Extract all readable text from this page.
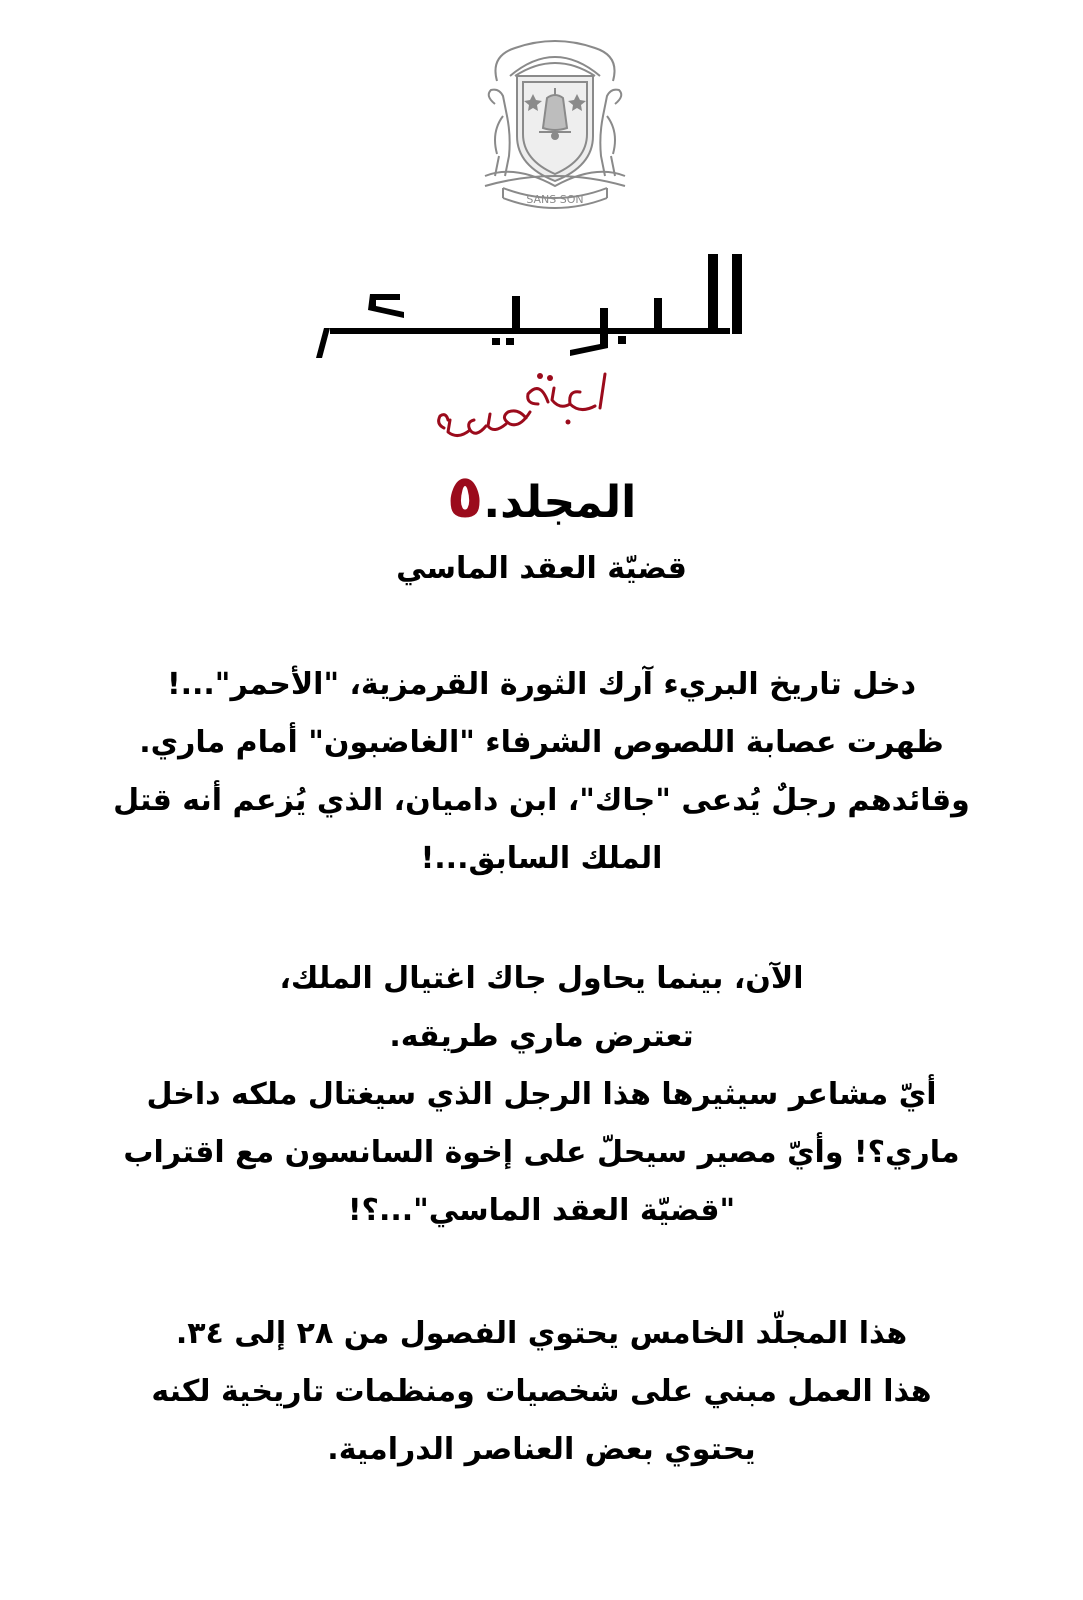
SANS SON
المجلد.٥
قضيّة العقد الماسي
دخل تاريخ البريء آرك الثورة القرمزية، "الأحمر"...!
ظهرت عصابة اللصوص الشرفاء "الغاضبون" أمام ماري.
وقائدهم رجلٌ يُدعى "جاك"، ابن داميان، الذي يُزعم أنه قتل
الملك السابق...!
الآن، بينما يحاول جاك اغتيال الملك،
تعترض ماري طريقه.
أيّ مشاعر سيثيرها هذا الرجل الذي سيغتال ملكه داخل
ماري؟! وأيّ مصير سيحلّ على إخوة السانسون مع اقتراب
"قضيّة العقد الماسي"...؟!
هذا المجلّد الخامس يحتوي الفصول من ٢٨ إلى ٣٤.
هذا العمل مبني على شخصيات ومنظمات تاريخية لكنه
يحتوي بعض العناصر الدرامية.
